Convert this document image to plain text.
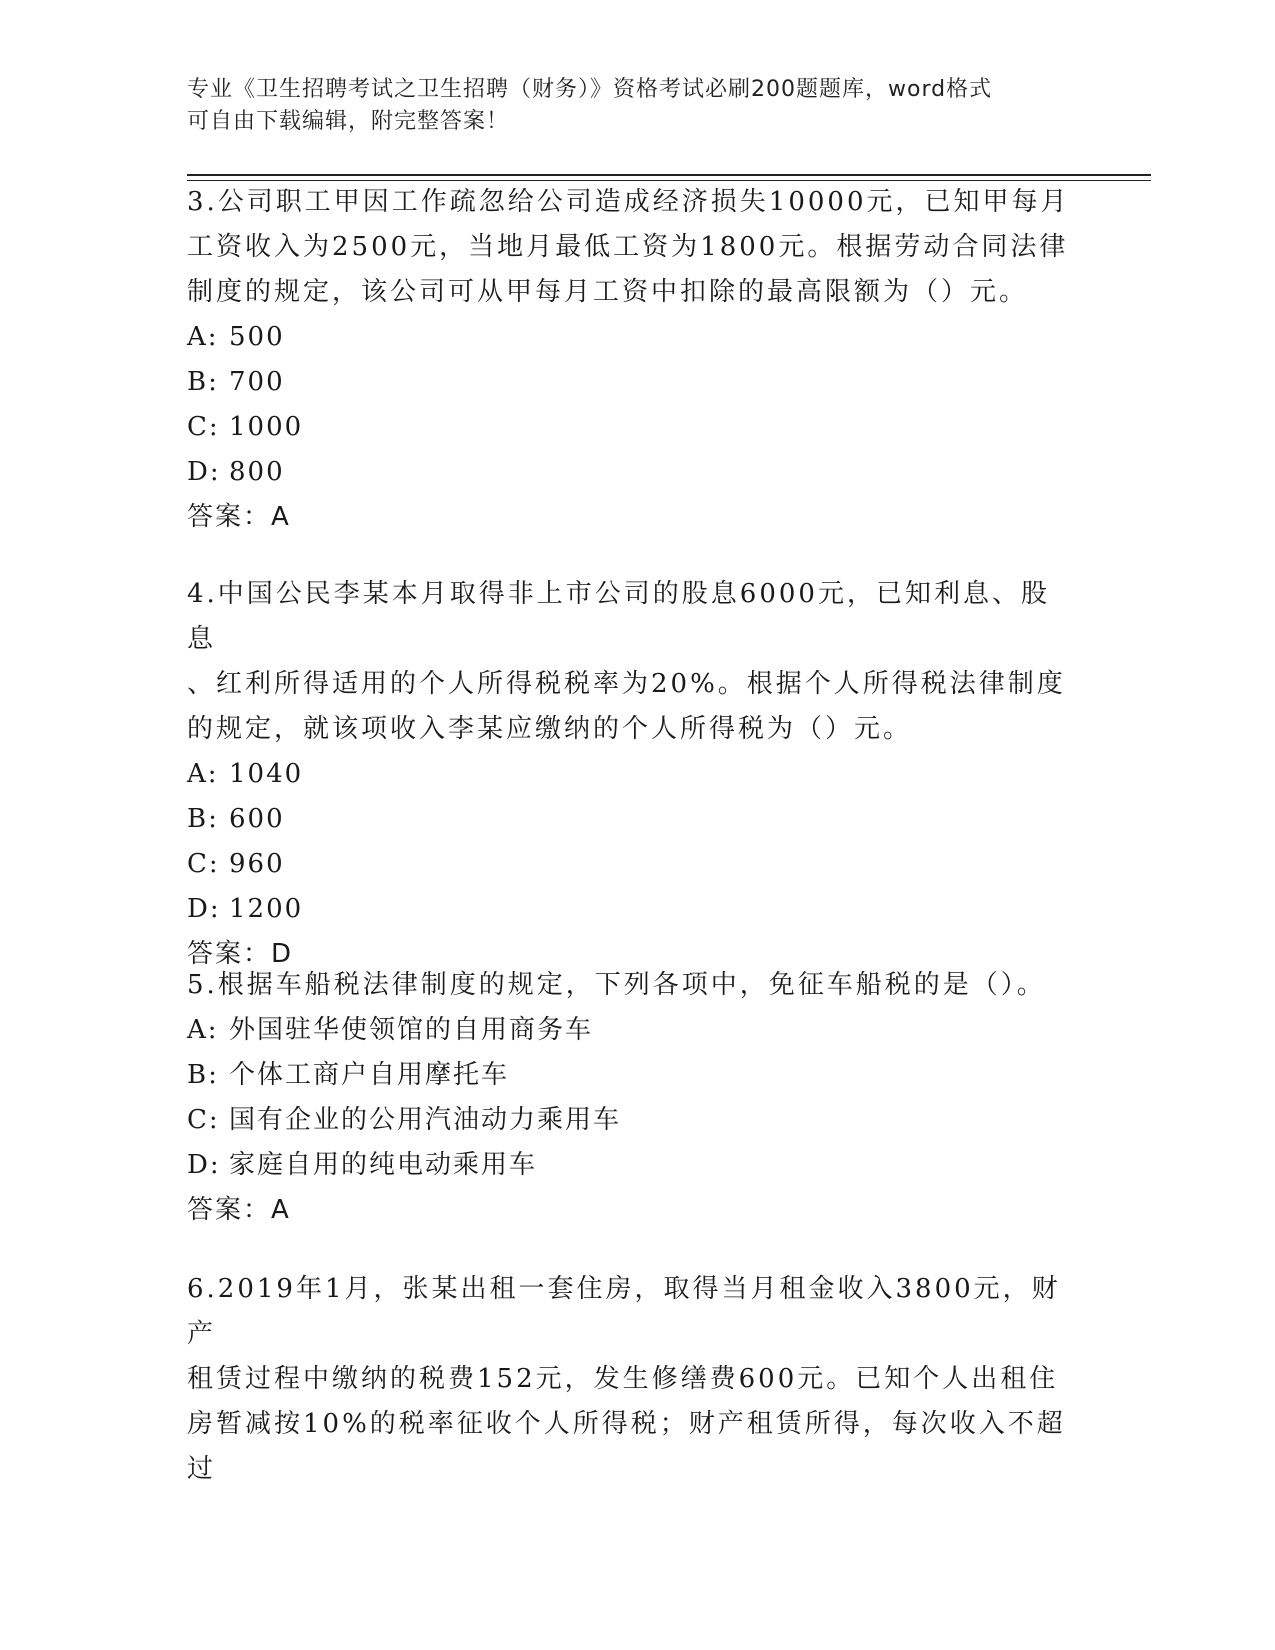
专业《卫生招聘考试之卫生招聘（财务）》资格考试必刷200题题库，word格式
可自由下载编辑，附完整答案！

3.公司职工甲因工作疏忽给公司造成经济损失10000元，已知甲每月

工资收入为2500元，当地月最低工资为1800元。根据劳动合同法律

制度的规定，该公司可从甲每月工资中扣除的最高限额为（）元。

A: 500

B: 700

C: 1000

D: 800

答案：A

4.中国公民李某本月取得非上市公司的股息6000元，已知利息、股息

、红利所得适用的个人所得税税率为20%。根据个人所得税法律制度

的规定，就该项收入李某应缴纳的个人所得税为（）元。

A: 1040

B: 600

C: 960

D: 1200

答案：D

5.根据车船税法律制度的规定，下列各项中，免征车船税的是（）。

A: 外国驻华使领馆的自用商务车

B: 个体工商户自用摩托车

C: 国有企业的公用汽油动力乘用车

D: 家庭自用的纯电动乘用车

答案：A

6.2019年1月，张某出租一套住房，取得当月租金收入3800元，财产

租赁过程中缴纳的税费152元，发生修缮费600元。已知个人出租住

房暂减按10%的税率征收个人所得税；财产租赁所得，每次收入不超过
